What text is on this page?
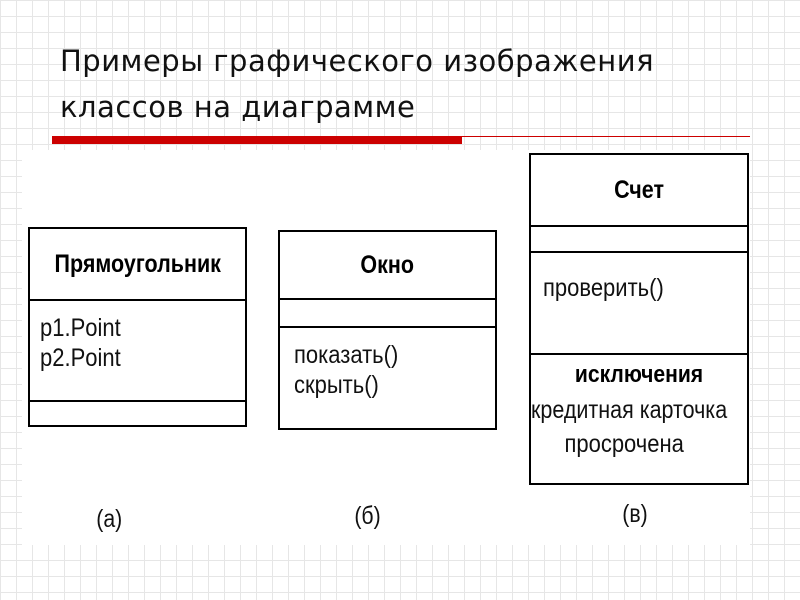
Примеры графического изображения
классов на диаграмме
Прямоугольник
p1.Point
p2.Point
Окно
показать()
скрыть()
Счет
проверить()
исключения
кредитная карточка
просрочена
(а)	(б)	(в)
